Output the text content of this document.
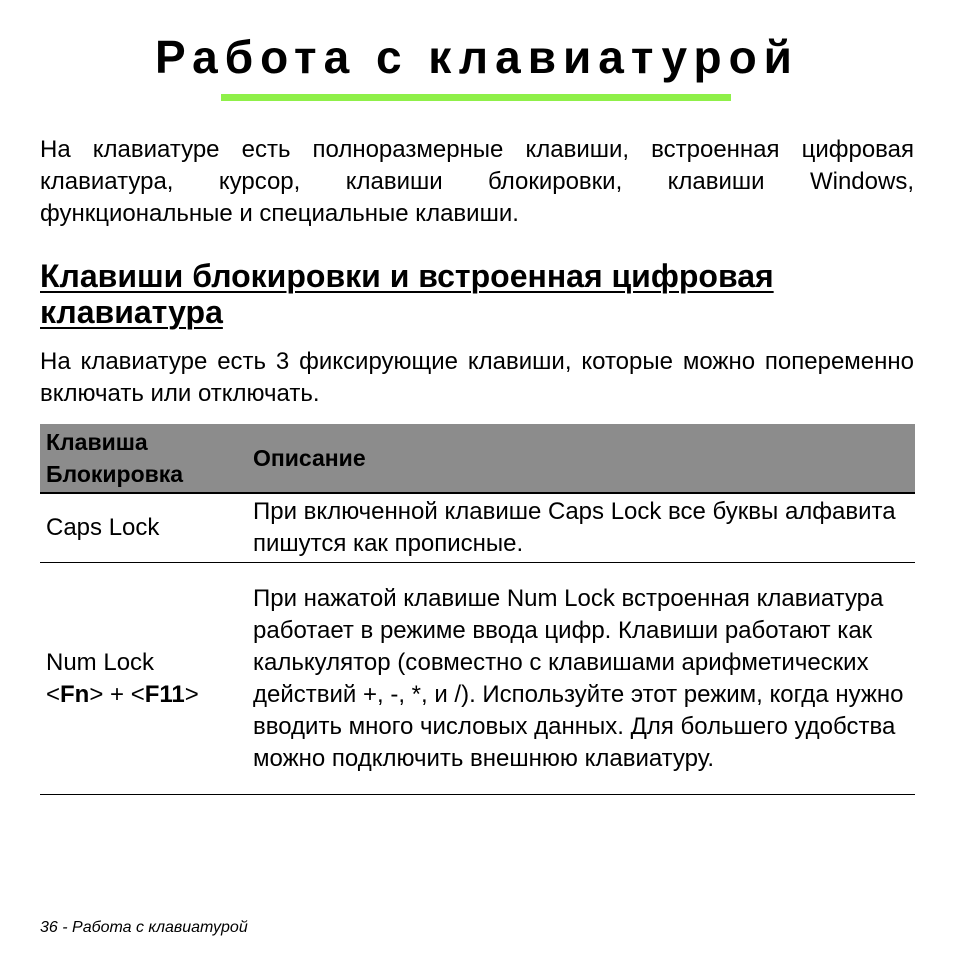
Работа с клавиатурой

На клавиатуре есть полноразмерные клавиши, встроенная цифровая клавиатура, курсор, клавиши блокировки, клавиши Windows, функциональные и специальные клавиши.

Клавиши блокировки и встроенная цифровая клавиатура

На клавиатуре есть 3 фиксирующие клавиши, которые можно попеременно включать или отключать.

Клавиша
Блокировка	Описание
Caps Lock	При включенной клавише Caps Lock все буквы алфавита пишутся как прописные.

Num Lock
<Fn> + <F11>	При нажатой клавише Num Lock встроенная клавиатура работает в режиме ввода цифр. Клавиши работают как калькулятор (совместно с клавишами арифметических действий +, -, *, и /). Используйте этот режим, когда нужно вводить много числовых данных. Для большего удобства можно подключить внешнюю клавиатуру.
36 - Работа с клавиатурой
